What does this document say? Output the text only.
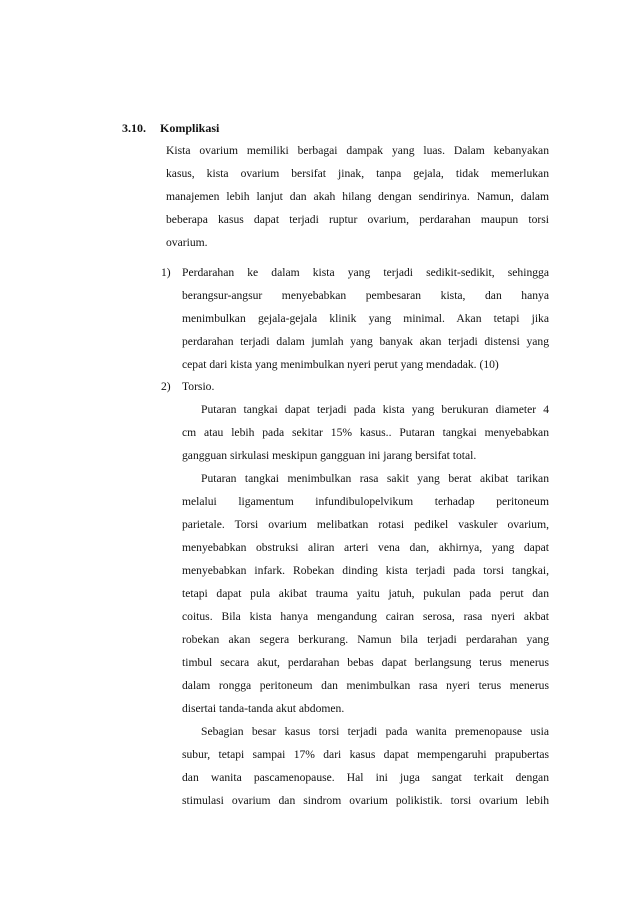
3.10. Komplikasi
Kista ovarium memiliki berbagai dampak yang luas. Dalam kebanyakan
kasus, kista ovarium bersifat jinak, tanpa gejala, tidak memerlukan
manajemen lebih lanjut dan akah hilang dengan sendirinya. Namun, dalam
beberapa kasus dapat terjadi ruptur ovarium, perdarahan maupun torsi
ovarium.
1) Perdarahan ke dalam kista yang terjadi sedikit-sedikit, sehingga
berangsur-angsur menyebabkan pembesaran kista, dan hanya
menimbulkan gejala-gejala klinik yang minimal. Akan tetapi jika
perdarahan terjadi dalam jumlah yang banyak akan terjadi distensi yang
cepat dari kista yang menimbulkan nyeri perut yang mendadak. (10)
2) Torsio.
Putaran tangkai dapat terjadi pada kista yang berukuran diameter 4
cm atau lebih pada sekitar 15% kasus.. Putaran tangkai menyebabkan
gangguan sirkulasi meskipun gangguan ini jarang bersifat total.
Putaran tangkai menimbulkan rasa sakit yang berat akibat tarikan
melalui ligamentum infundibulopelvikum terhadap peritoneum
parietale. Torsi ovarium melibatkan rotasi pedikel vaskuler ovarium,
menyebabkan obstruksi aliran arteri vena dan, akhirnya, yang dapat
menyebabkan infark. Robekan dinding kista terjadi pada torsi tangkai,
tetapi dapat pula akibat trauma yaitu jatuh, pukulan pada perut dan
coitus. Bila kista hanya mengandung cairan serosa, rasa nyeri akbat
robekan akan segera berkurang. Namun bila terjadi perdarahan yang
timbul secara akut, perdarahan bebas dapat berlangsung terus menerus
dalam rongga peritoneum dan menimbulkan rasa nyeri terus menerus
disertai tanda-tanda akut abdomen.
Sebagian besar kasus torsi terjadi pada wanita premenopause usia
subur, tetapi sampai 17% dari kasus dapat mempengaruhi prapubertas
dan wanita pascamenopause. Hal ini juga sangat terkait dengan
stimulasi ovarium dan sindrom ovarium polikistik. torsi ovarium lebih
